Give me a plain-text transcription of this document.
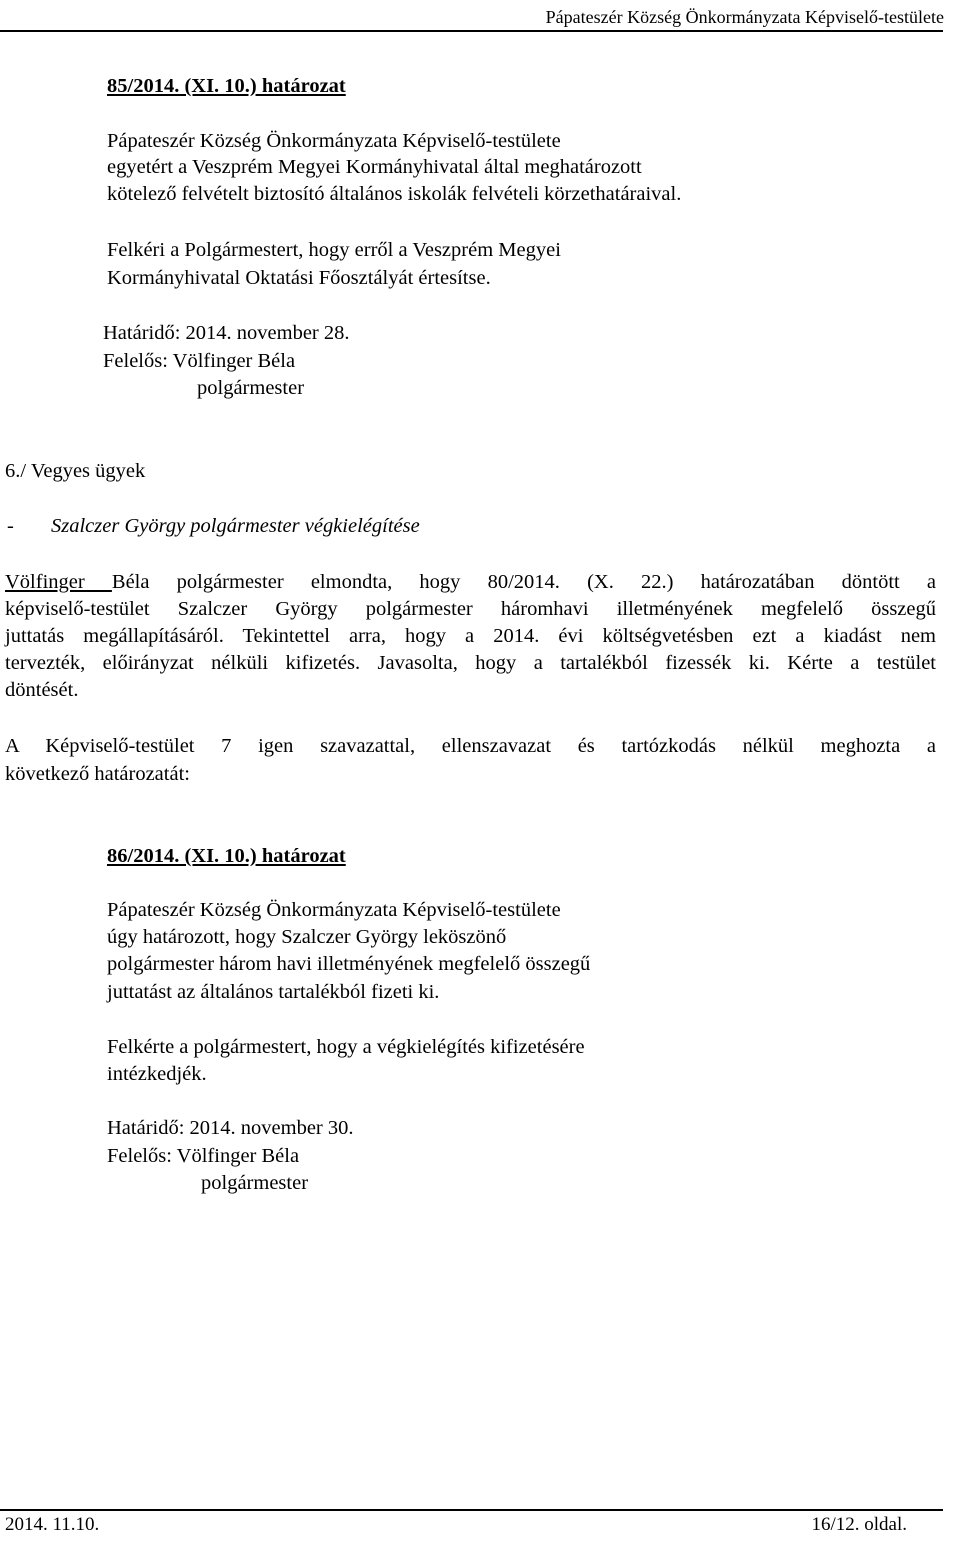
Pápateszér Község Önkormányzata Képviselő-testülete
85/2014. (XI. 10.) határozat
Pápateszér Község Önkormányzata Képviselő-testülete
egyetért a Veszprém Megyei Kormányhivatal által meghatározott
kötelező felvételt biztosító általános iskolák felvételi körzethatáraival.
Felkéri a Polgármestert, hogy erről a Veszprém Megyei
Kormányhivatal Oktatási Főosztályát értesítse.
Határidő: 2014. november 28.
Felelős: Völfinger Béla
polgármester
6./ Vegyes ügyek
- Szalczer György polgármester végkielégítése
Völfinger Béla polgármester elmondta, hogy 80/2014. (X. 22.) határozatában döntött a
képviselő-testület Szalczer György polgármester háromhavi illetményének megfelelő összegű
juttatás megállapításáról. Tekintettel arra, hogy a 2014. évi költségvetésben ezt a kiadást nem
tervezték, előirányzat nélküli kifizetés. Javasolta, hogy a tartalékból fizessék ki. Kérte a testület
döntését.
A Képviselő-testület 7 igen szavazattal, ellenszavazat és tartózkodás nélkül meghozta a
következő határozatát:
86/2014. (XI. 10.) határozat
Pápateszér Község Önkormányzata Képviselő-testülete
úgy határozott, hogy Szalczer György leköszönő
polgármester három havi illetményének megfelelő összegű
juttatást az általános tartalékból fizeti ki.
Felkérte a polgármestert, hogy a végkielégítés kifizetésére
intézkedjék.
Határidő: 2014. november 30.
Felelős: Völfinger Béla
polgármester
2014. 11.10.	16/12. oldal.
